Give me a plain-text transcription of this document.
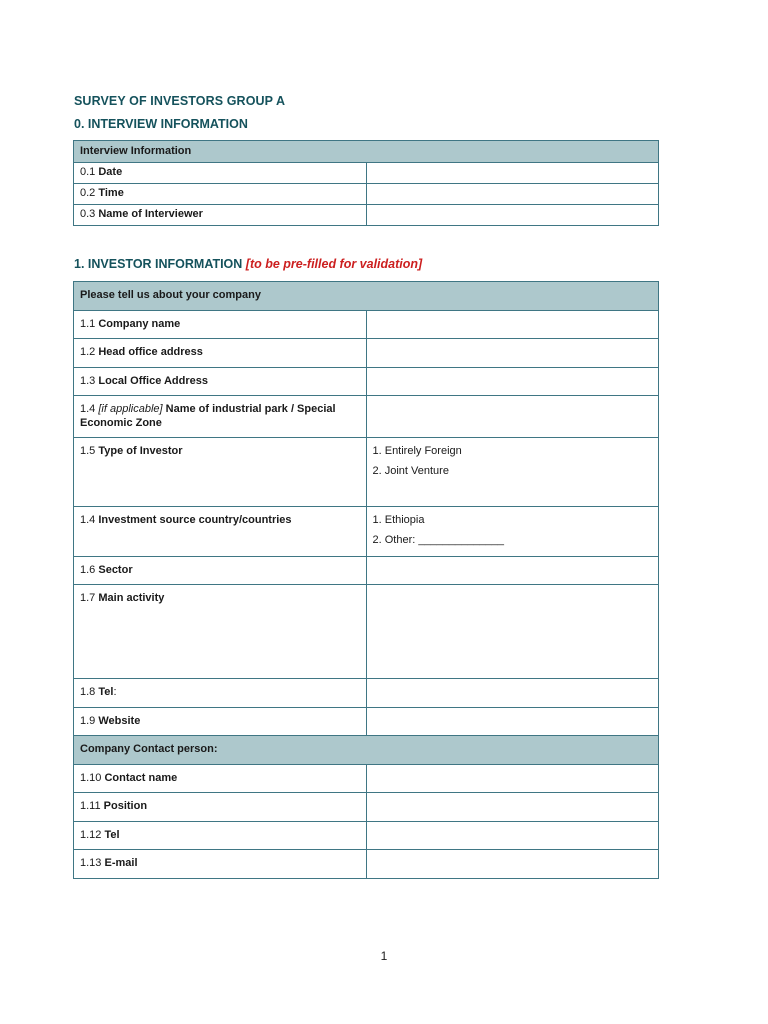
SURVEY OF INVESTORS GROUP A
0. INTERVIEW INFORMATION
Interview Information	
0.1 Date	
0.2 Time	
0.3 Name of Interviewer	
1. INVESTOR INFORMATION [to be pre-filled for validation]
Please tell us about your company	
1.1 Company name	
1.2 Head office address	
1.3 Local Office Address	
1.4 [if applicable] Name of industrial park / Special Economic Zone	
1.5 Type of Investor	1. Entirely Foreign
2. Joint Venture

1.4 Investment source country/countries	1. Ethiopia
2. Other: ______________

1.6 Sector	
1.7 Main activity	
1.8 Tel:	
1.9 Website	
Company Contact person:	
1.10 Contact name	
1.11 Position	
1.12 Tel	
1.13 E-mail	
1
